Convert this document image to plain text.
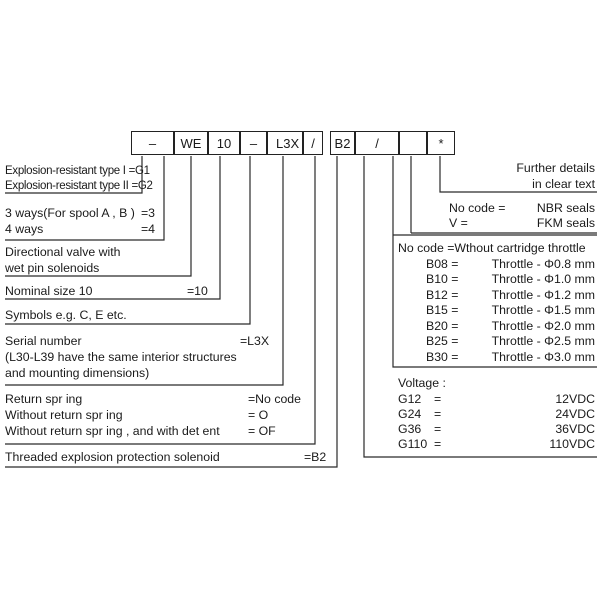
–	WE	10	–	L3X /	B2	/	*
Explosion-resistant type I =G1
Explosion-resistant type II =G2
3 ways(For spool A , B ) =3
4 ways	=4
Directional valve with
wet pin solenoids
Nominal size 10	=10
Symbols e.g. C, E etc.
Serial number	=L3X
(L30-L39 have the same interior structures
and mounting dimensions)
Return spr ing	=No code
Without return spr ing	= O
Without return spr ing , and with det ent = OF
Threaded explosion protection solenoid	=B2
Further details
in clear text
No code =	NBR seals
V =	FKM seals
No code =Wthout cartridge throttle
B08 =	Throttle - Φ0.8 mm
B10 =	Throttle - Φ1.0 mm
B12 =	Throttle - Φ1.2 mm
B15 =	Throttle - Φ1.5 mm
B20 =	Throttle - Φ2.0 mm
B25 =	Throttle - Φ2.5 mm
B30 =	Throttle - Φ3.0 mm
Voltage :
G12 =	12VDC
G24 =	24VDC
G36 =	36VDC
G110 =	110VDC
